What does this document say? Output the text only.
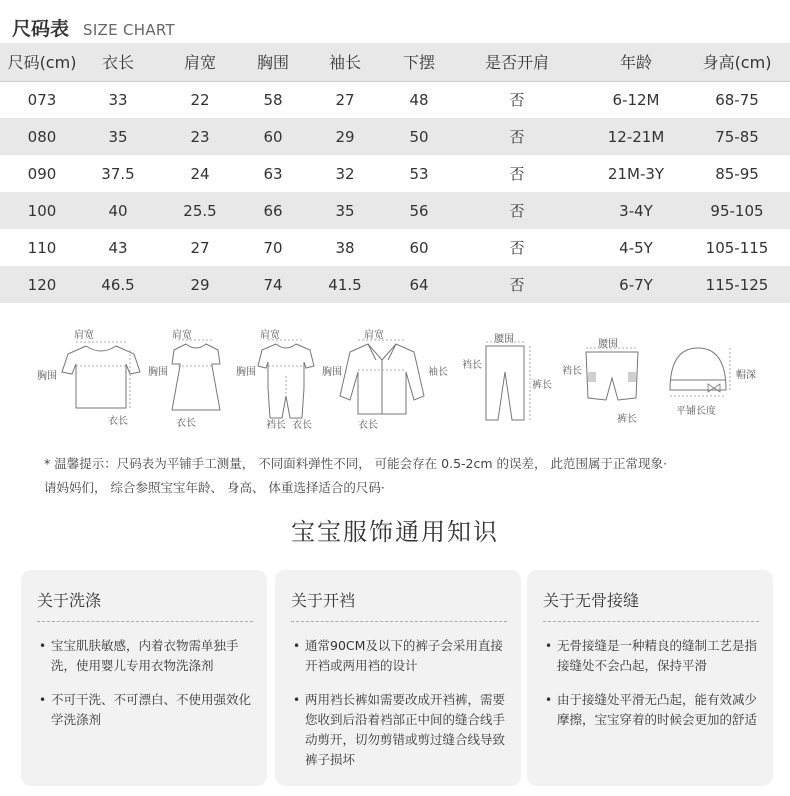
尺码表 SIZE CHART
尺码(cm)	衣长	肩宽	胸围	袖长	下摆	是否开肩	年龄	身高(cm)
073	33	22	58	27	48	否	6-12M	68-75
080	35	23	60	29	50	否	12-21M	75-85
090	37.5	24	63	32	53	否	21M-3Y	85-95
100	40	25.5	66	35	56	否	3-4Y	95-105
110	43	27	70	38	60	否	4-5Y	105-115
120	46.5	29	74	41.5	64	否	6-7Y	115-125
肩宽
胸围
衣长
肩宽
胸围
衣长
肩宽
胸围
裆长 衣长
肩宽
胸围	袖长
衣长
腰围
裆长
裤长
腰围
裆长
裤长
帽深
平铺长度

* 温馨提示：尺码表为平铺手工测量， 不同面料弹性不同， 可能会存在 0.5-2cm 的误差， 此范围属于正常现象·

请妈妈们， 综合参照宝宝年龄、 身高、 体重选择适合的尺码·

宝宝服饰通用知识
关于洗涤
• 宝宝肌肤敏感，内着衣物需单独手洗，使用婴儿专用衣物洗涤剂
• 不可干洗、不可漂白、不使用强效化学洗涤剂
关于开裆
• 通常90CM及以下的裤子会采用直接开裆或两用裆的设计
• 两用裆长裤如需要改成开裆裤，需要您收到后沿着裆部正中间的缝合线手动剪开，切勿剪错或剪过缝合线导致裤子损坏
关于无骨接缝
• 无骨接缝是一种精良的缝制工艺是指接缝处不会凸起，保持平滑
• 由于接缝处平滑无凸起，能有效减少摩擦，宝宝穿着的时候会更加的舒适
